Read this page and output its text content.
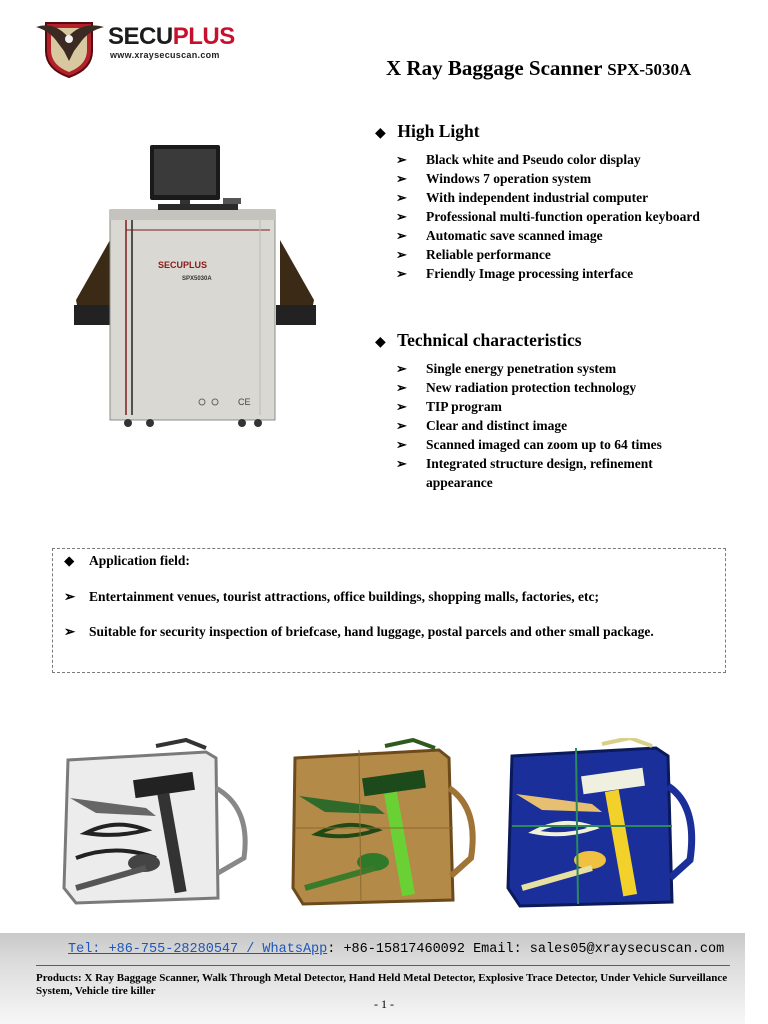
SECUPLUS
www.xraysecuscan.com
X Ray Baggage Scanner SPX-5030A
SECUPLUS
SPX5030A
CE
◆ High Light
➢ Black white and Pseudo color display
➢ Windows 7 operation system
➢ With independent industrial computer
➢ Professional multi-function operation keyboard
➢ Automatic save scanned image
➢ Reliable performance
➢ Friendly Image processing interface
◆ Technical characteristics
➢ Single energy penetration system
➢ New radiation protection technology
➢ TIP program
➢ Clear and distinct image
➢ Scanned imaged can zoom up to 64 times
➢ Integrated structure design, refinement appearance
◆ Application field:
➢ Entertainment venues, tourist attractions, office buildings, shopping malls, factories, etc;
➢ Suitable for security inspection of briefcase, hand luggage, postal parcels and other small package.
Tel: +86-755-28280547 / WhatsApp: +86-15817460092 Email: sales05@xraysecuscan.com
Products: X Ray Baggage Scanner, Walk Through Metal Detector, Hand Held Metal Detector, Explosive Trace Detector, Under Vehicle Surveillance System, Vehicle tire killer
- 1 -
